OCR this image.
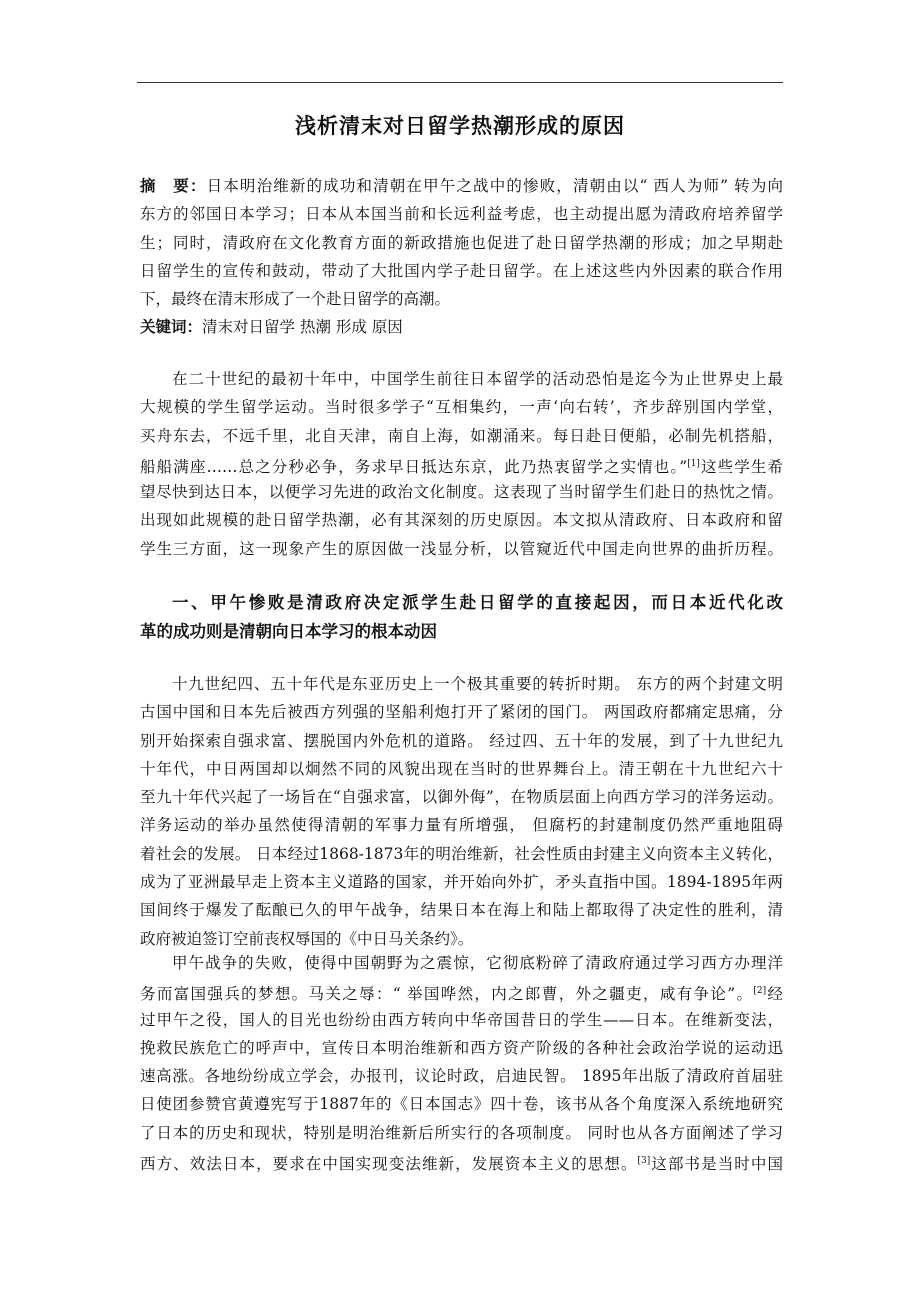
浅析清末对日留学热潮形成的原因
摘　要：日本明治维新的成功和清朝在甲午之战中的惨败，清朝由以“ 西人为师” 转为向
东方的邻国日本学习；日本从本国当前和长远利益考虑，也主动提出愿为清政府培养留学
生；同时，清政府在文化教育方面的新政措施也促进了赴日留学热潮的形成；加之早期赴
日留学生的宣传和鼓动，带动了大批国内学子赴日留学。在上述这些内外因素的联合作用
下，最终在清末形成了一个赴日留学的高潮。
关键词：清末对日留学 热潮 形成 原因
在二十世纪的最初十年中，中国学生前往日本留学的活动恐怕是迄今为止世界史上最
大规模的学生留学运动。当时很多学子“互相集约，一声‘向右转’，齐步辞别国内学堂，
买舟东去，不远千里，北自天津，南自上海，如潮涌来。每日赴日便船，必制先机搭船，
船船满座……总之分秒必争，务求早日抵达东京，此乃热衷留学之实情也。”[1]这些学生希
望尽快到达日本，以便学习先进的政治文化制度。这表现了当时留学生们赴日的热忱之情。
出现如此规模的赴日留学热潮，必有其深刻的历史原因。本文拟从清政府、日本政府和留
学生三方面，这一现象产生的原因做一浅显分析，以管窥近代中国走向世界的曲折历程。
一、甲午惨败是清政府决定派学生赴日留学的直接起因，而日本近代化改
革的成功则是清朝向日本学习的根本动因
十九世纪四、五十年代是东亚历史上一个极其重要的转折时期。 东方的两个封建文明
古国中国和日本先后被西方列强的坚船利炮打开了紧闭的国门。 两国政府都痛定思痛，分
别开始探索自强求富、摆脱国内外危机的道路。 经过四、五十年的发展，到了十九世纪九
十年代，中日两国却以炯然不同的风貌出现在当时的世界舞台上。清王朝在十九世纪六十
至九十年代兴起了一场旨在“自强求富，以御外侮”，在物质层面上向西方学习的洋务运动。
洋务运动的举办虽然使得清朝的军事力量有所增强， 但腐朽的封建制度仍然严重地阻碍
着社会的发展。 日本经过1868-1873年的明治维新，社会性质由封建主义向资本主义转化，
成为了亚洲最早走上资本主义道路的国家，并开始向外扩，矛头直指中国。1894-1895年两
国间终于爆发了酝酿已久的甲午战争，结果日本在海上和陆上都取得了决定性的胜利，清
政府被迫签订空前丧权辱国的《中日马关条约》。
甲午战争的失败，使得中国朝野为之震惊，它彻底粉碎了清政府通过学习西方办理洋
务而富国强兵的梦想。马关之辱：“ 举国哗然，内之郎曹，外之疆吏，咸有争论”。[2]经
过甲午之役，国人的目光也纷纷由西方转向中华帝国昔日的学生——日本。在维新变法，
挽救民族危亡的呼声中，宣传日本明治维新和西方资产阶级的各种社会政治学说的运动迅
速高涨。各地纷纷成立学会，办报刊，议论时政，启迪民智。 1895年出版了清政府首届驻
日使团参赞官黄遵宪写于1887年的《日本国志》四十卷，该书从各个角度深入系统地研究
了日本的历史和现状，特别是明治维新后所实行的各项制度。 同时也从各方面阐述了学习
西方、效法日本，要求在中国实现变法维新，发展资本主义的思想。[3]这部书是当时中国
